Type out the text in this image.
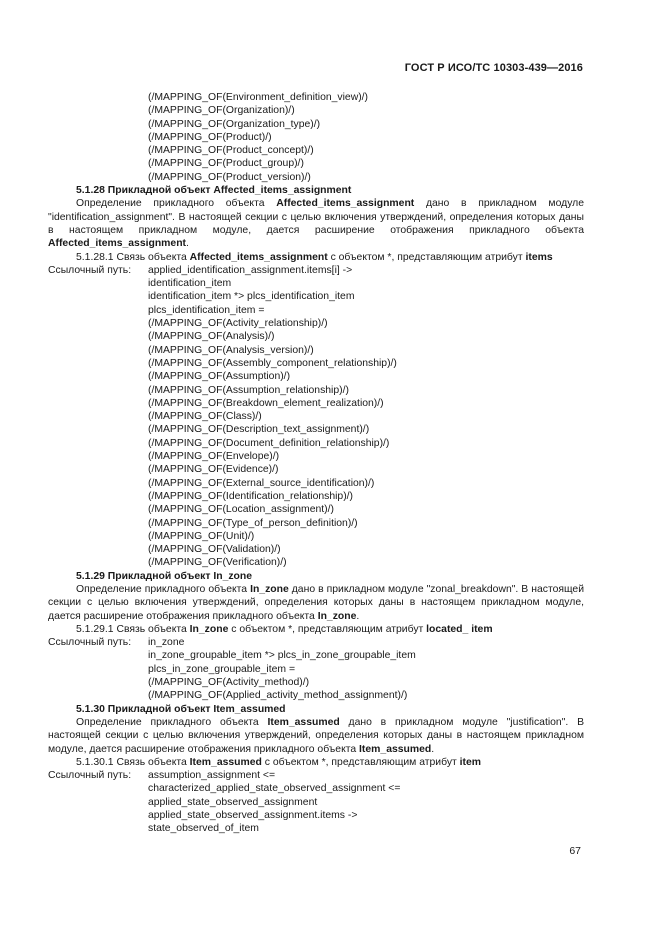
ГОСТ Р ИСО/ТС 10303-439—2016
(/MAPPING_OF(Environment_definition_view)/)
(/MAPPING_OF(Organization)/)
(/MAPPING_OF(Organization_type)/)
(/MAPPING_OF(Product)/)
(/MAPPING_OF(Product_concept)/)
(/MAPPING_OF(Product_group)/)
(/MAPPING_OF(Product_version)/)
5.1.28 Прикладной объект Affected_items_assignment
Определение прикладного объекта Affected_items_assignment дано в прикладном модуле "identification_assignment". В настоящей секции с целью включения утверждений, определения которых даны в настоящем прикладном модуле, дается расширение отображения прикладного объекта Affected_items_assignment.
5.1.28.1 Связь объекта Affected_items_assignment с объектом *, представляющим атрибут items
Ссылочный путь:	applied_identification_assignment.items[i] ->
identification_item
identification_item *> plcs_identification_item
plcs_identification_item =
(/MAPPING_OF(Activity_relationship)/)
(/MAPPING_OF(Analysis)/)
(/MAPPING_OF(Analysis_version)/)
(/MAPPING_OF(Assembly_component_relationship)/)
(/MAPPING_OF(Assumption)/)
(/MAPPING_OF(Assumption_relationship)/)
(/MAPPING_OF(Breakdown_element_realization)/)
(/MAPPING_OF(Class)/)
(/MAPPING_OF(Description_text_assignment)/)
(/MAPPING_OF(Document_definition_relationship)/)
(/MAPPING_OF(Envelope)/)
(/MAPPING_OF(Evidence)/)
(/MAPPING_OF(External_source_identification)/)
(/MAPPING_OF(Identification_relationship)/)
(/MAPPING_OF(Location_assignment)/)
(/MAPPING_OF(Type_of_person_definition)/)
(/MAPPING_OF(Unit)/)
(/MAPPING_OF(Validation)/)
(/MAPPING_OF(Verification)/)
5.1.29 Прикладной объект In_zone
Определение прикладного объекта In_zone дано в прикладном модуле "zonal_breakdown". В настоящей секции с целью включения утверждений, определения которых даны в настоящем прикладном модуле, дается расширение отображения прикладного объекта In_zone.
5.1.29.1 Связь объекта In_zone с объектом *, представляющим атрибут located_ item
Ссылочный путь:	in_zone
in_zone_groupable_item *> plcs_in_zone_groupable_item
plcs_in_zone_groupable_item =
(/MAPPING_OF(Activity_method)/)
(/MAPPING_OF(Applied_activity_method_assignment)/)
5.1.30 Прикладной объект Item_assumed
Определение прикладного объекта Item_assumed дано в прикладном модуле "justification". В настоящей секции с целью включения утверждений, определения которых даны в настоящем прикладном модуле, дается расширение отображения прикладного объекта Item_assumed.
5.1.30.1 Связь объекта Item_assumed с объектом *, представляющим атрибут item
Ссылочный путь:	assumption_assignment <=
characterized_applied_state_observed_assignment <=
applied_state_observed_assignment
applied_state_observed_assignment.items ->
state_observed_of_item
67
